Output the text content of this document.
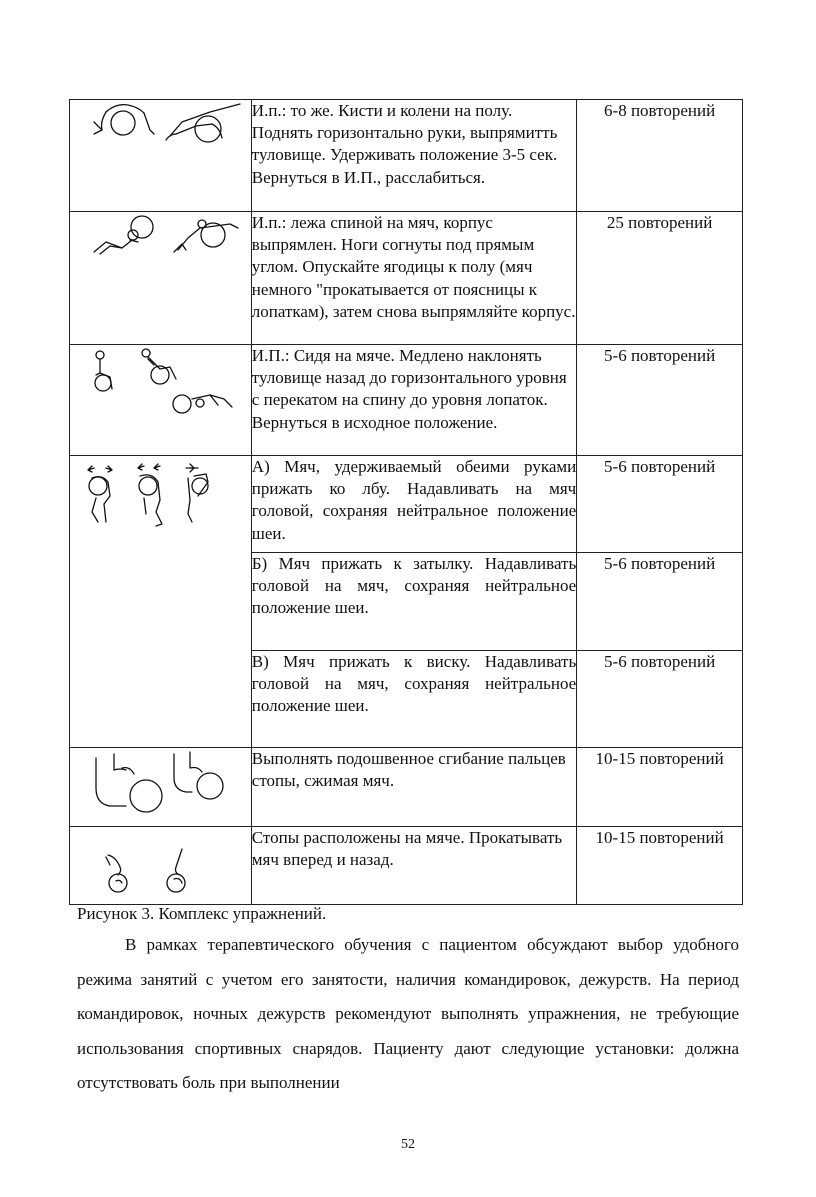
	И.п.: то же. Кисти и колени на полу. Поднять горизонтально руки, выпрямитть туловище. Удерживать положение 3-5 сек. Вернуться в И.П., расслабиться.	6-8 повторений

	И.п.: лежа спиной на мяч, корпус выпрямлен. Ноги согнуты под прямым углом. Опускайте ягодицы к полу (мяч немного "прокатывается от поясницы к лопаткам), затем снова выпрямляйте корпус.	25 повторений

	И.П.: Сидя на мяче. Медлено наклонять туловище назад до горизонтального уровня с перекатом на спину до уровня лопаток. Вернуться в исходное положение.	5-6 повторений

	А) Мяч, удерживаемый обеими руками прижать ко лбу. Надавливать на мяч головой, сохраняя нейтральное положение шеи.	5-6 повторений
	Б) Мяч прижать к затылку. Надавливать головой на мяч, сохраняя нейтральное положение шеи.	5-6 повторений
	В) Мяч прижать к виску. Надавливать головой на мяч, сохраняя нейтральное положение шеи.	5-6 повторений

	Выполнять подошвенное сгибание пальцев стопы, сжимая мяч.	10-15 повторений

	Стопы расположены на мяче. Прокатывать мяч вперед и назад.	10-15 повторений

Рисунок 3. Комплекс упражнений.

В рамках терапевтического обучения с пациентом обсуждают выбор удобного режима занятий с учетом его занятости, наличия командировок, дежурств. На период командировок, ночных дежурств рекомендуют выполнять упражнения, не требующие использования спортивных снарядов. Пациенту дают следующие установки: должна отсутствовать боль при выполнении

52
